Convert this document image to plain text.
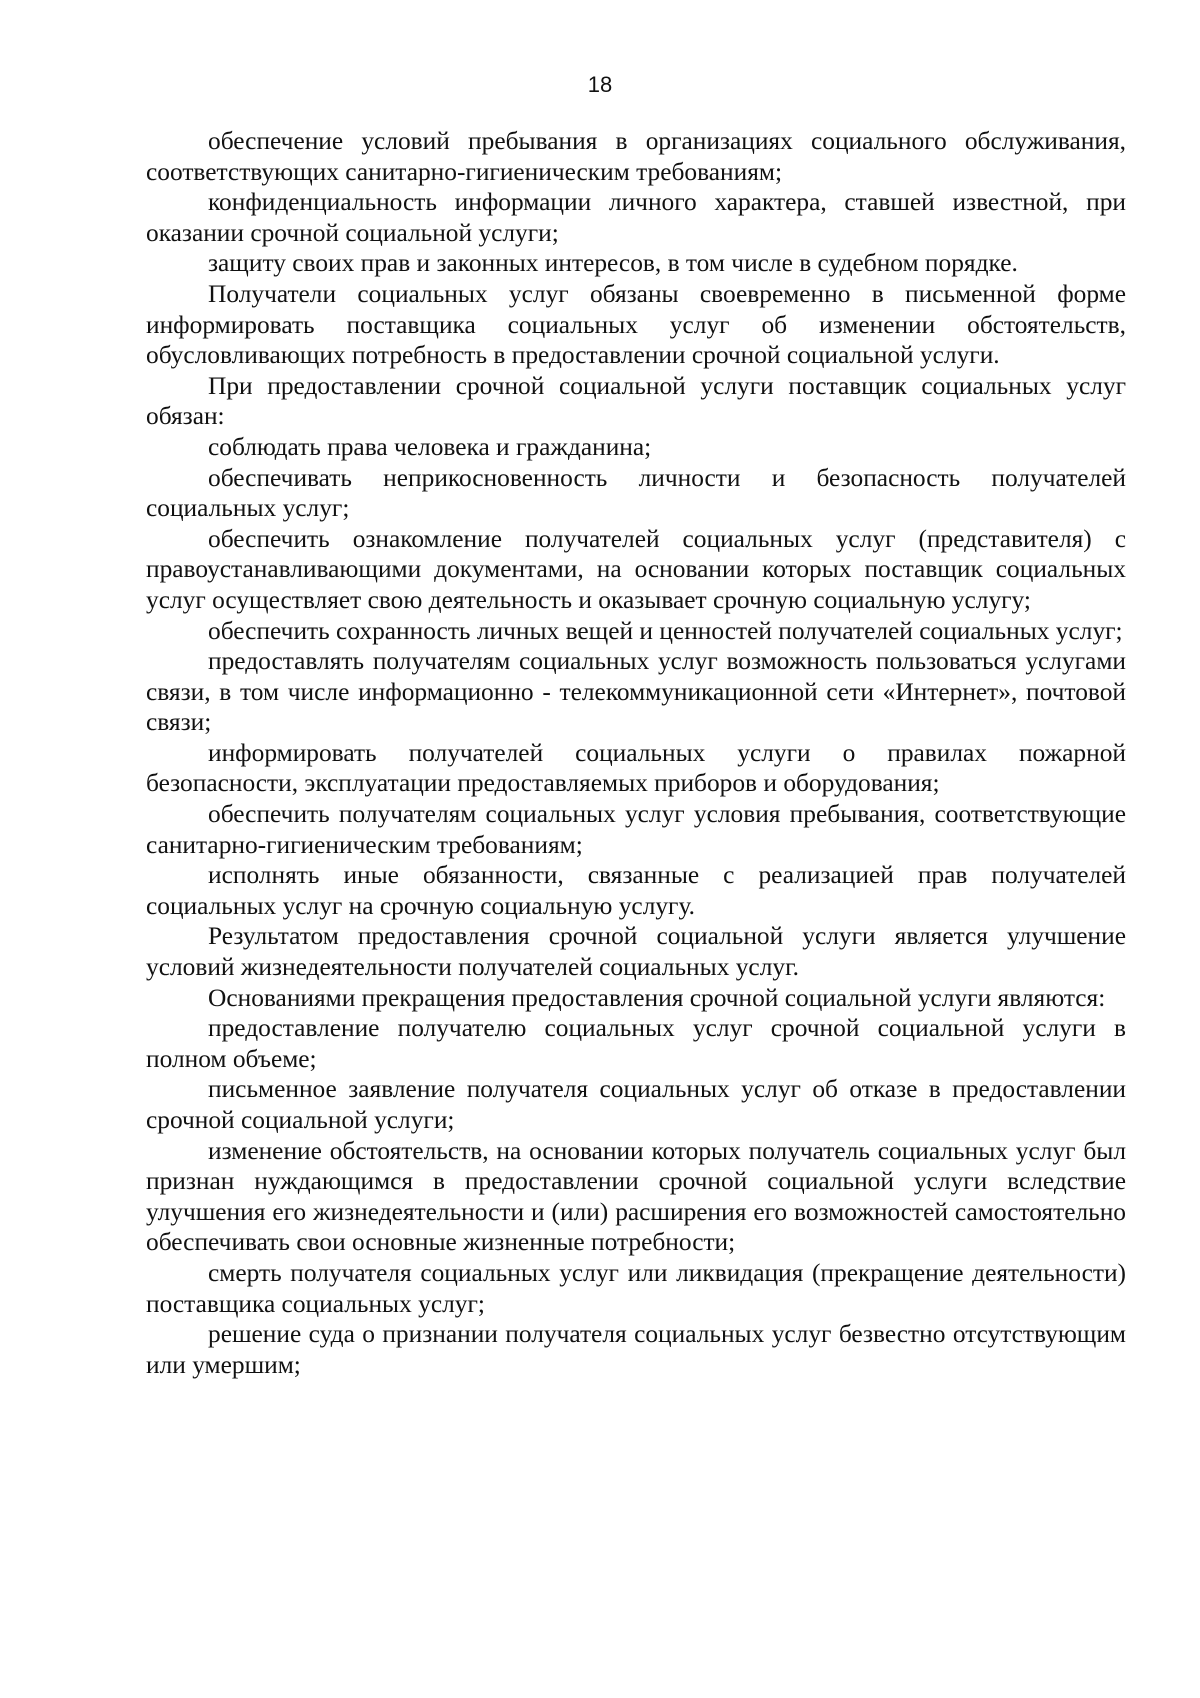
18

обеспечение условий пребывания в организациях социального обслуживания, соответствующих санитарно-гигиеническим требованиям;

конфиденциальность информации личного характера, ставшей известной, при оказании срочной социальной услуги;

защиту своих прав и законных интересов, в том числе в судебном порядке.

Получатели социальных услуг обязаны своевременно в письменной форме информировать поставщика социальных услуг об изменении обстоятельств, обусловливающих потребность в предоставлении срочной социальной услуги.

При предоставлении срочной социальной услуги поставщик социальных услуг обязан:

соблюдать права человека и гражданина;

обеспечивать неприкосновенность личности и безопасность получателей социальных услуг;

обеспечить ознакомление получателей социальных услуг (представителя) с правоустанавливающими документами, на основании которых поставщик социальных услуг осуществляет свою деятельность и оказывает срочную социальную услугу;

обеспечить сохранность личных вещей и ценностей получателей социальных услуг;

предоставлять получателям социальных услуг возможность пользоваться услугами связи, в том числе информационно - телекоммуникационной сети «Интернет», почтовой связи;

информировать получателей социальных услуги о правилах пожарной безопасности, эксплуатации предоставляемых приборов и оборудования;

обеспечить получателям социальных услуг условия пребывания, соответствующие санитарно-гигиеническим требованиям;

исполнять иные обязанности, связанные с реализацией прав получателей социальных услуг на срочную социальную услугу.

Результатом предоставления срочной социальной услуги является улучшение условий жизнедеятельности получателей социальных услуг.

Основаниями прекращения предоставления срочной социальной услуги являются:

предоставление получателю социальных услуг срочной социальной услуги в полном объеме;

письменное заявление получателя социальных услуг об отказе в предоставлении срочной социальной услуги;

изменение обстоятельств, на основании которых получатель социальных услуг был признан нуждающимся в предоставлении срочной социальной услуги вследствие улучшения его жизнедеятельности и (или) расширения его возможностей самостоятельно обеспечивать свои основные жизненные потребности;

смерть получателя социальных услуг или ликвидация (прекращение деятельности) поставщика социальных услуг;

решение суда о признании получателя социальных услуг безвестно отсутствующим или умершим;
